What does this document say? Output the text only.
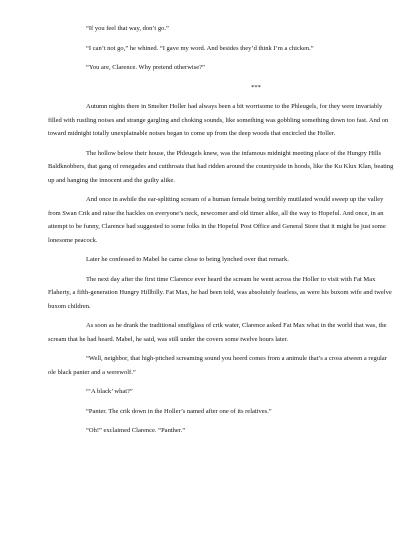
“If you feel that way, don’t go.”

“I can’t not go,” he whined. “I gave my word. And besides they’d think I’m a chicken.”

“You are, Clarence. Why pretend otherwise?”

***

Autumn nights there in Smelter Holler had always been a bit worrisome to the Phleugels, for they were invariably filled with rustling noises and strange gargling and choking sounds, like something was gobbling something down too fast. And on toward midnight totally unexplainable noises began to come up from the deep woods that encircled the Holler.

The hollow below their house, the Phleugels knew, was the infamous midnight meeting place of the Hungry Hills Baldknobbers, that gang of renegades and cutthroats that had ridden around the countryside in hoods, like the Ku Klux Klan, beating up and hanging the innocent and the guilty alike.

And once in awhile the ear-splitting scream of a human female being terribly mutilated would sweep up the valley from Swan Crik and raise the hackles on everyone’s neck, newcomer and old timer alike, all the way to Hopeful. And once, in an attempt to be funny, Clarence had suggested to some folks in the Hopeful Post Office and General Store that it might be just some lonesome peacock.

Later he confessed to Mabel he came close to being lynched over that remark.

The next day after the first time Clarence ever heard the scream he went across the Holler to visit with Fat Max Flaherty, a fifth-generation Hungry Hillbilly. Fat Max, he had been told, was absolutely fearless, as were his buxom wife and twelve buxom children.

As soon as he drank the traditional snuffglass of crik water, Clarence asked Fat Max what in the world that was, the scream that he had heard. Mabel, he said, was still under the covers some twelve hours later.

“Well, neighbor, that high-pitched screaming sound you heerd comes from a animule that’s a cross atween a regular ole black panter and a werewolf.”

“‘A black’ what?”

“Panter. The crik down in the Holler’s named after one of its relatives.”

“Oh!” exclaimed Clarence. “Panther.”
